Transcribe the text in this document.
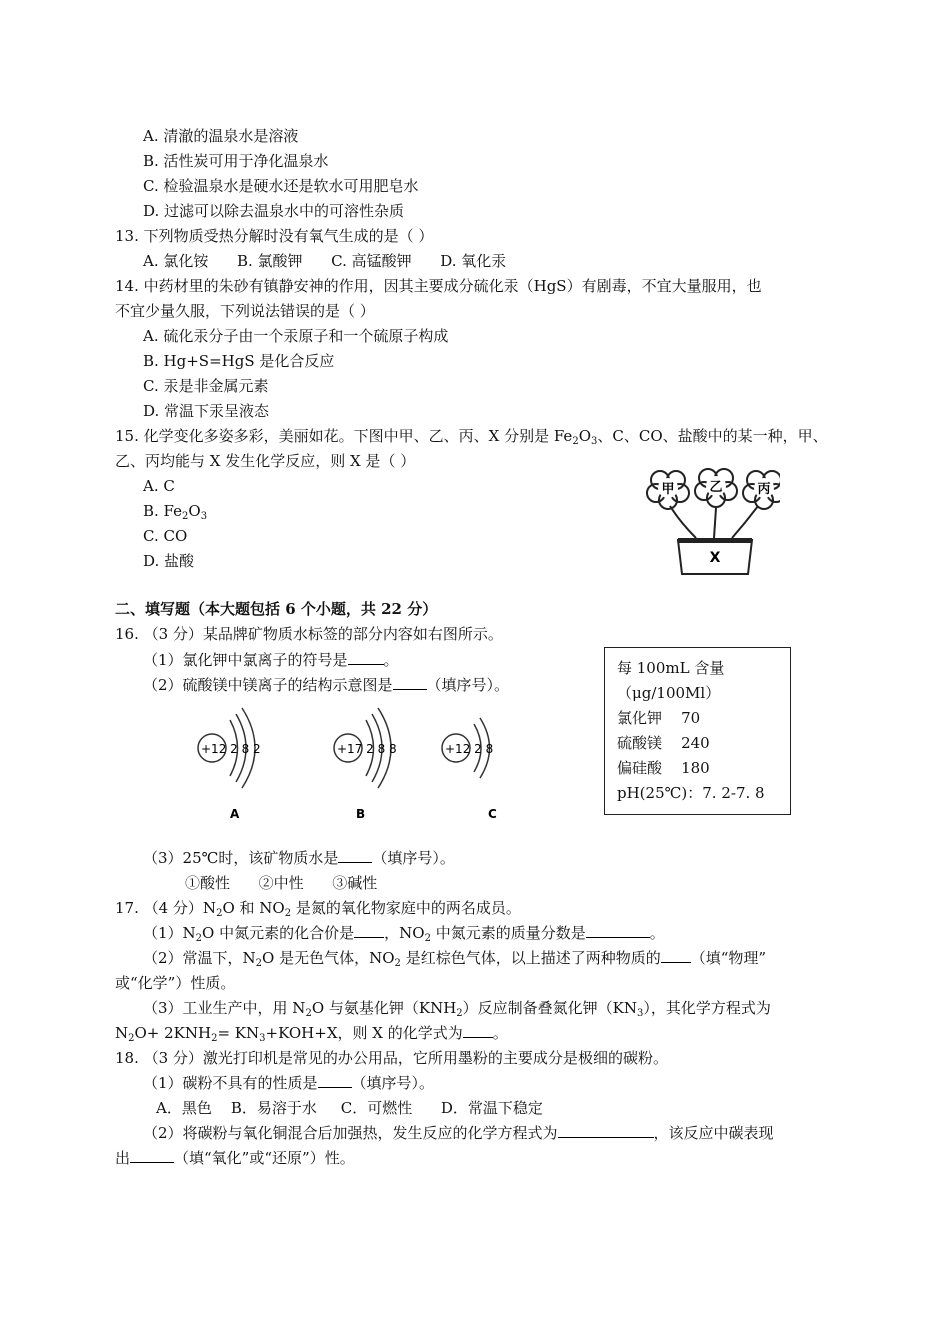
A. 清澈的温泉水是溶液
B. 活性炭可用于净化温泉水
C. 检验温泉水是硬水还是软水可用肥皂水
D. 过滤可以除去温泉水中的可溶性杂质
13. 下列物质受热分解时没有氧气生成的是（ ）
A. 氯化铵      B. 氯酸钾      C. 高锰酸钾      D. 氧化汞
14. 中药材里的朱砂有镇静安神的作用，因其主要成分硫化汞（HgS）有剧毒，不宜大量服用，也
不宜少量久服，下列说法错误的是（ ）
A. 硫化汞分子由一个汞原子和一个硫原子构成
B. Hg+S=HgS 是化合反应
C. 汞是非金属元素
D. 常温下汞呈液态
15. 化学变化多姿多彩，美丽如花。下图中甲、乙、丙、X 分别是 $Fe_2O_3$、C、CO、盐酸中的某一种，甲、
乙、丙均能与 X 发生化学反应，则 X 是（ ）
A. C
B. $Fe_2O_3$
C. CO
D. 盐酸
甲	乙	丙
X
二、填写题（本大题包括 6 个小题，共 22 分）
16. （3 分）某品牌矿物质水标签的部分内容如右图所示。
（1）氯化钾中氯离子的符号是 。
（2）硫酸镁中镁离子的结构示意图是 （填序号）。
+12 2 8 2	+17 2 8 8	+12 2 8
A	B	C
每 100mL 含量
（μg/100Ml）
氯化钾 70
硫酸镁 240
偏硅酸 180
pH(25℃)：7. 2-7. 8
（3）25℃时，该矿物质水是 （填序号）。
①酸性      ②中性      ③碱性
17. （4 分）$N_2O$ 和 $NO_2$ 是氮的氧化物家庭中的两名成员。
$(1)N_2O$ 中氮元素的化合价是 ，$NO_2$ 中氮元素的质量分数是	。
（2）常温下，$N_2O$ 是无色气体，$NO_2$ 是红棕色气体，以上描述了两种物质的 （填“物理”
或“化学”）性质。
（3）工业生产中，用 $N_2O$ 与氨基化钾$(KNH_2)$反应制备叠氮化钾$(KN_3)$，其化学方程式为
$N_2O+ 2KNH_2= KN_3+KOH+X$，则 X 的化学式为 。
18. （3 分）激光打印机是常见的办公用品，它所用墨粉的主要成分是极细的碳粉。
（1）碳粉不具有的性质是 （填序号）。
A．黑色    B．易溶于水     C．可燃性      D．常温下稳定
（2）将碳粉与氧化铜混合后加强热，发生反应的化学方程式为	，该反应中碳表现
出	（填“氧化”或“还原”）性。
